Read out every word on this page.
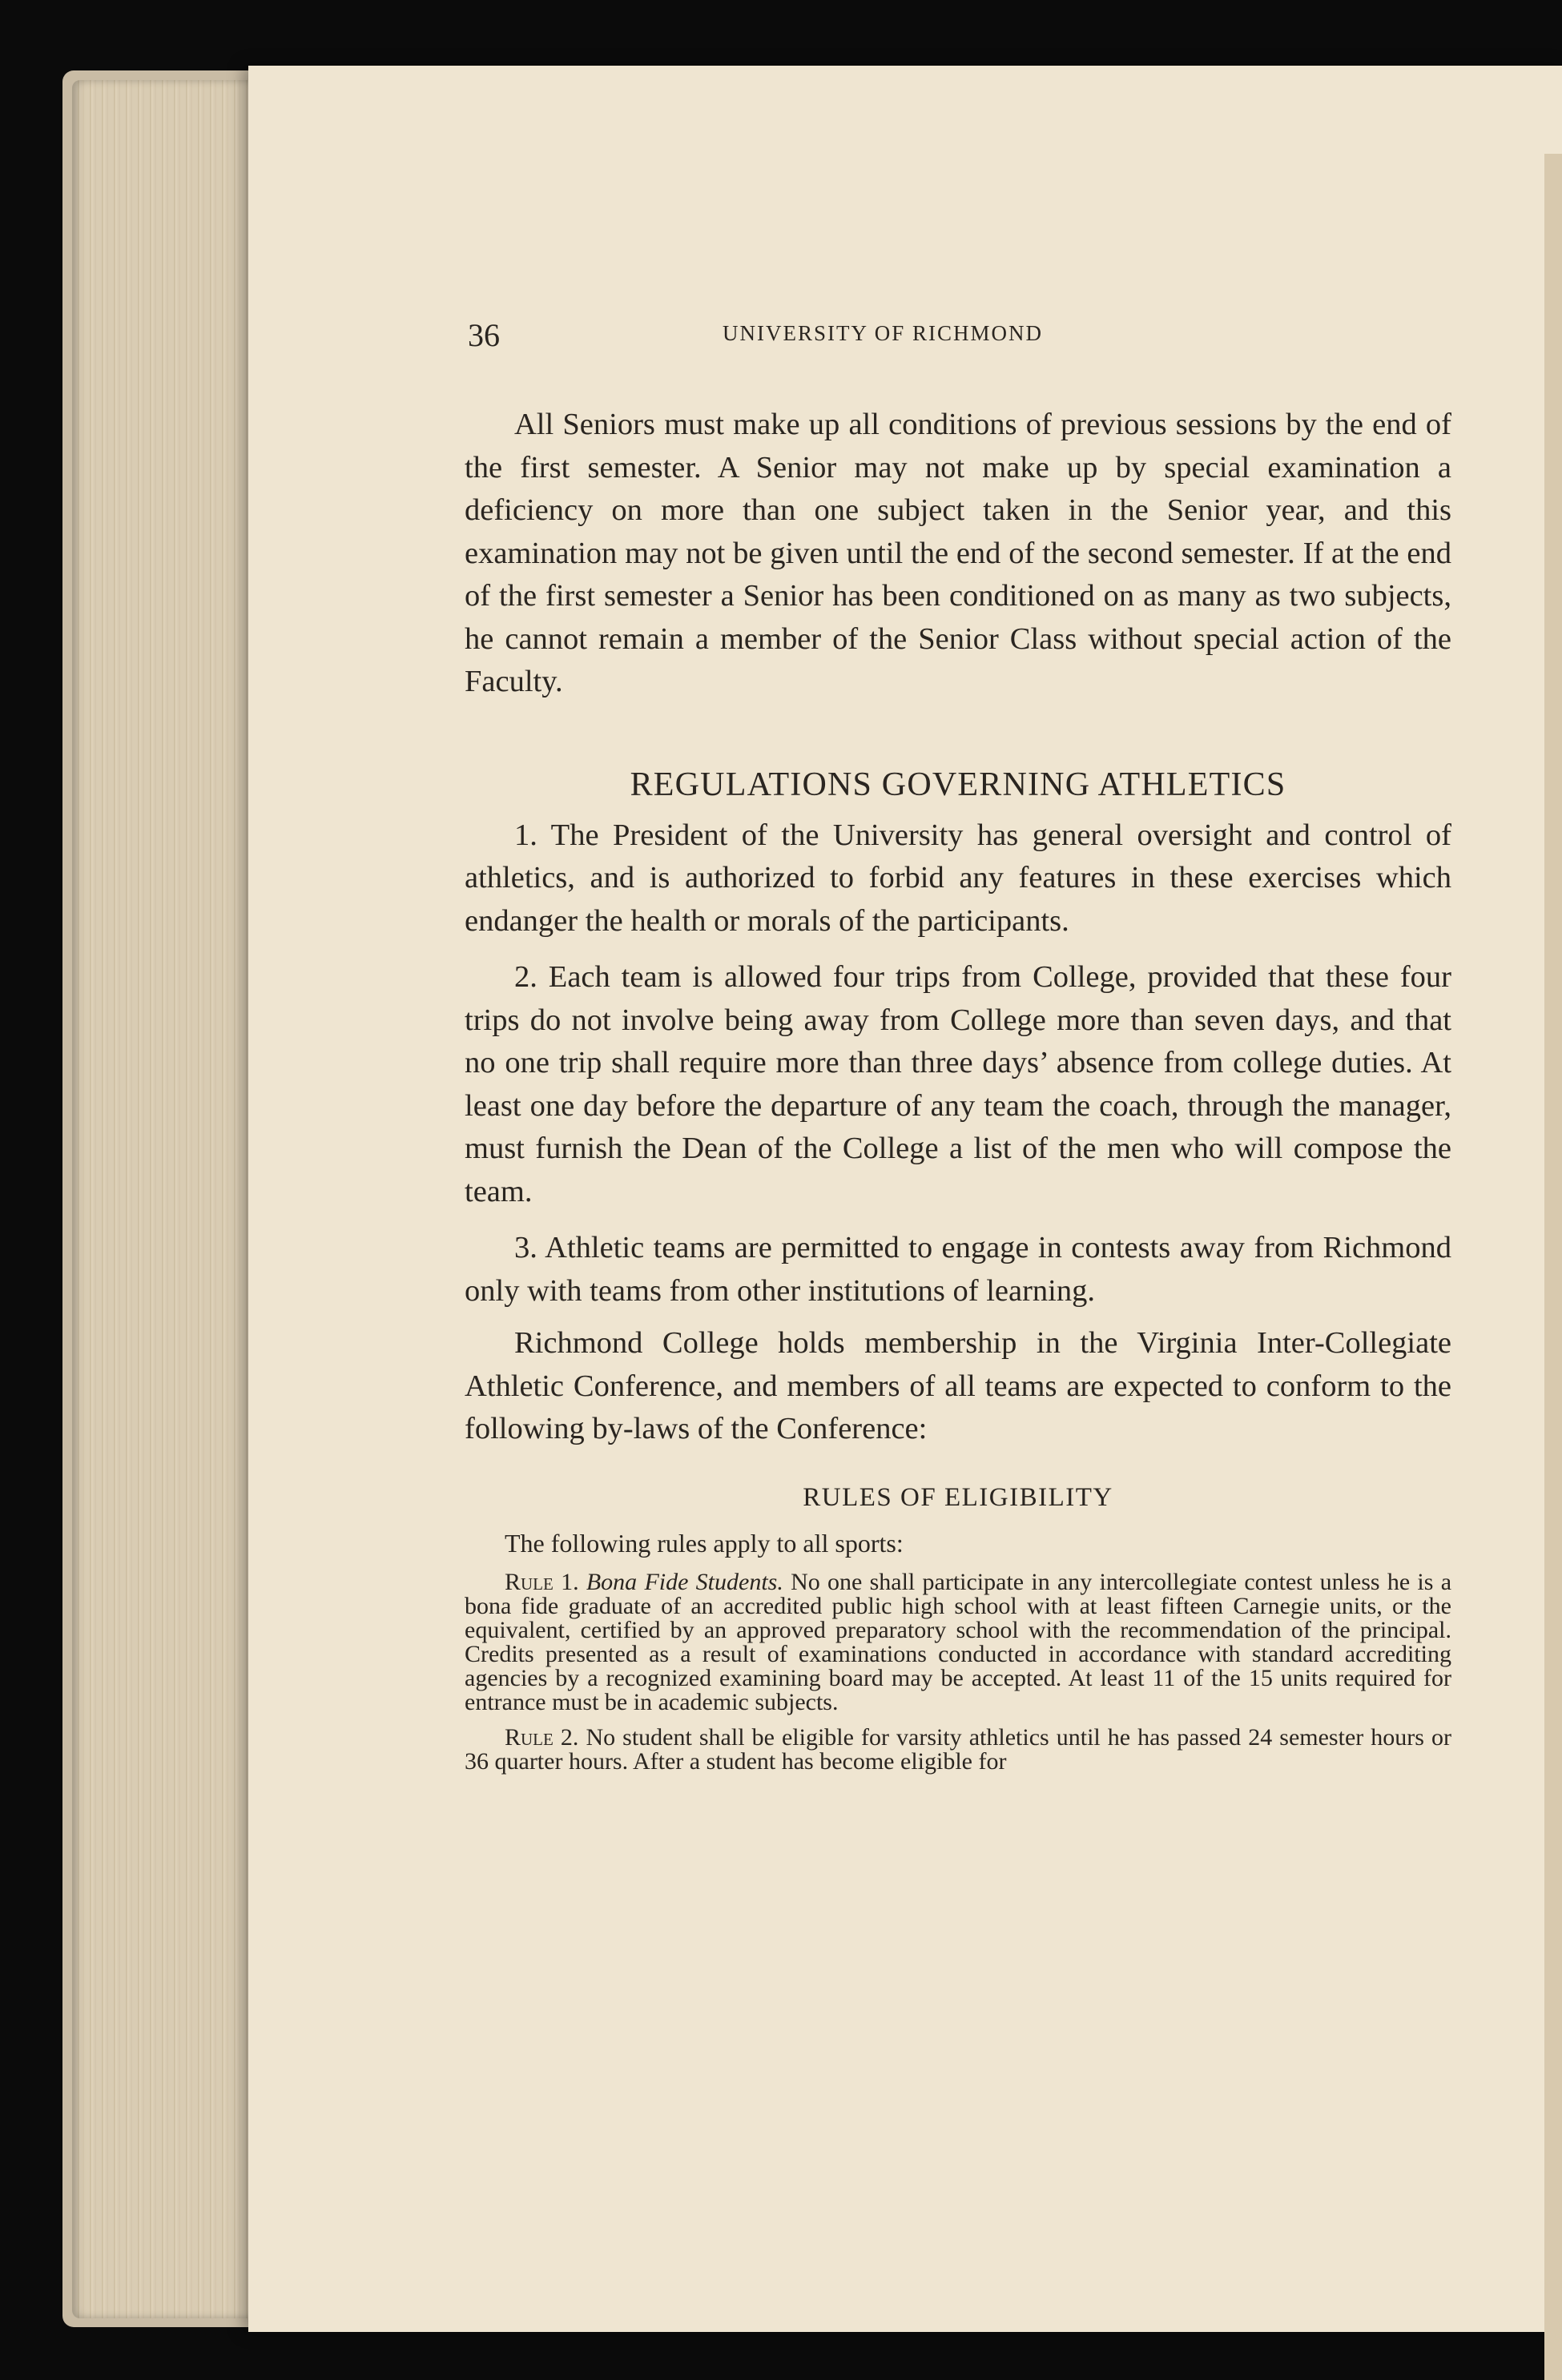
36	UNIVERSITY OF RICHMOND

All Seniors must make up all conditions of previous sessions by the end of the first semester. A Senior may not make up by special examination a deficiency on more than one subject taken in the Senior year, and this examination may not be given until the end of the second semester. If at the end of the first semester a Senior has been conditioned on as many as two subjects, he cannot remain a member of the Senior Class without special action of the Faculty.

REGULATIONS GOVERNING ATHLETICS

1. The President of the University has general oversight and control of athletics, and is authorized to forbid any features in these exercises which endanger the health or morals of the participants.

2. Each team is allowed four trips from College, provided that these four trips do not involve being away from College more than seven days, and that no one trip shall require more than three days’ absence from college duties. At least one day before the departure of any team the coach, through the manager, must furnish the Dean of the College a list of the men who will compose the team.

3. Athletic teams are permitted to engage in contests away from Richmond only with teams from other institutions of learning.

Richmond College holds membership in the Virginia Inter-Collegiate Athletic Conference, and members of all teams are expected to conform to the following by-laws of the Conference:

RULES OF ELIGIBILITY

The following rules apply to all sports:

Rule 1. Bona Fide Students. No one shall participate in any intercollegiate contest unless he is a bona fide graduate of an accredited public high school with at least fifteen Carnegie units, or the equivalent, certified by an approved preparatory school with the recommendation of the principal. Credits presented as a result of examinations conducted in accordance with standard accrediting agencies by a recognized examining board may be accepted. At least 11 of the 15 units required for entrance must be in academic subjects.

Rule 2. No student shall be eligible for varsity athletics until he has passed 24 semester hours or 36 quarter hours. After a student has become eligible for
